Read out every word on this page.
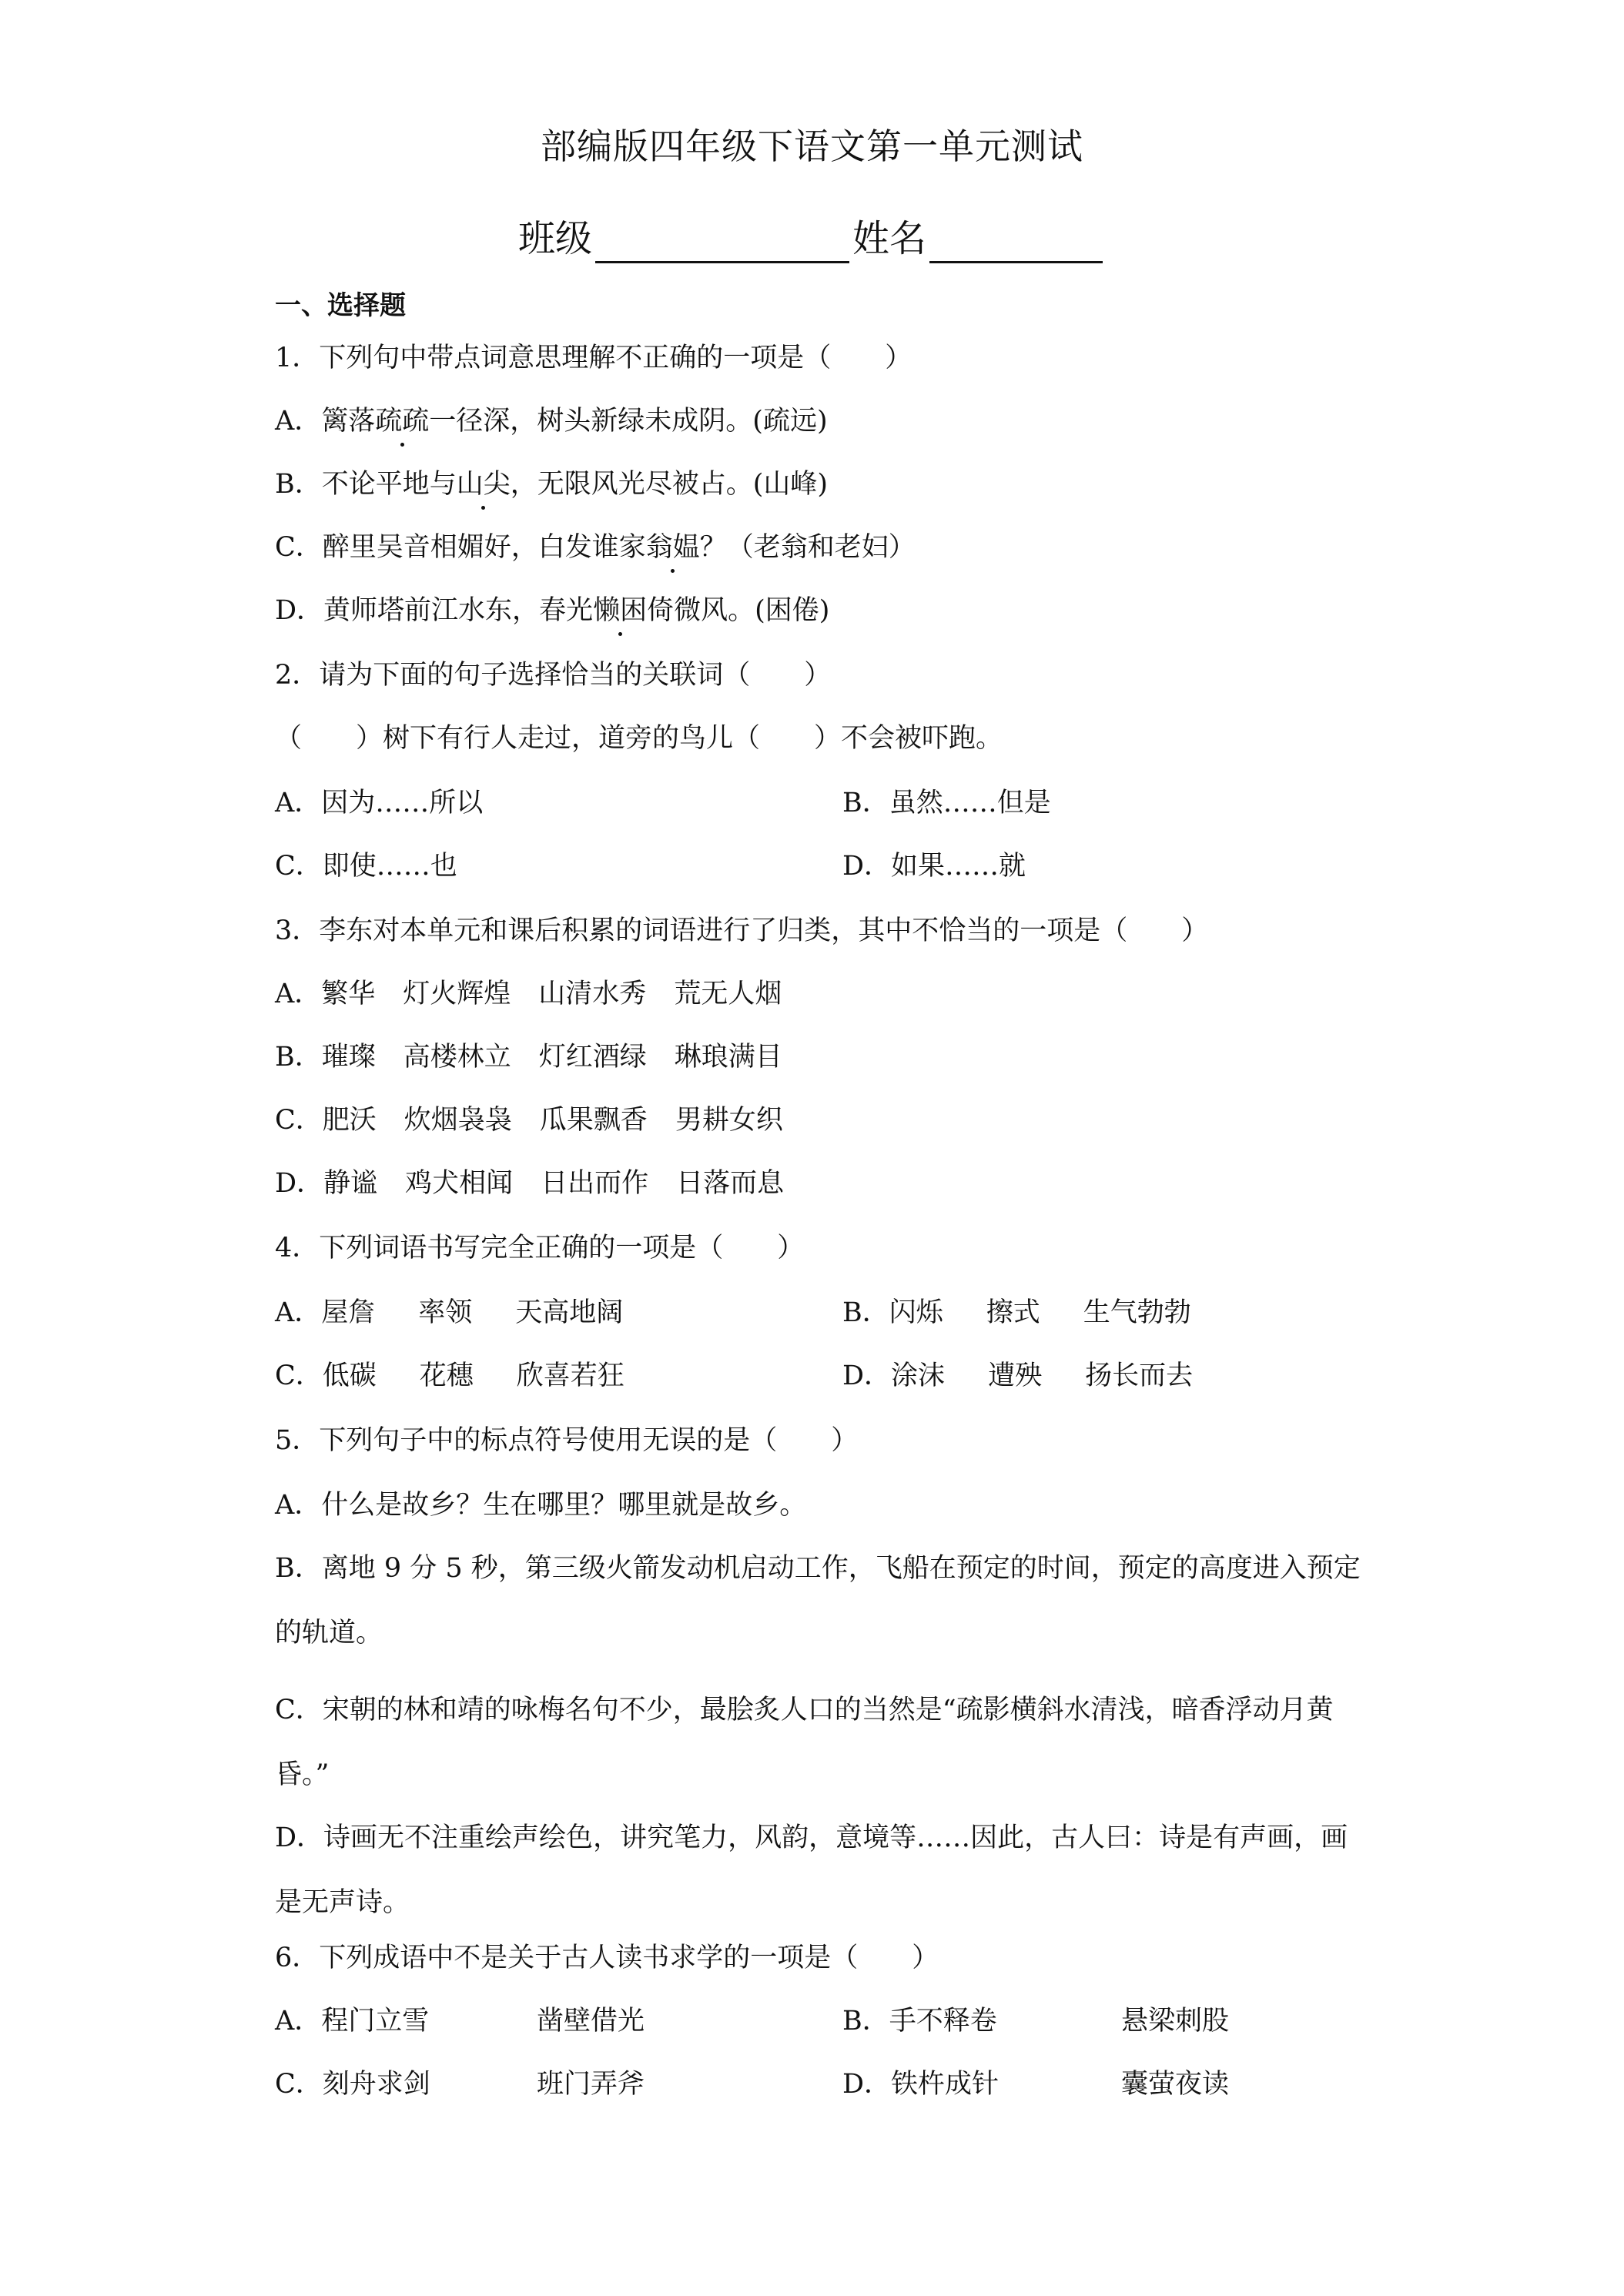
部编版四年级下语文第一单元测试
班级	姓名
一、选择题
1．下列句中带点词意思理解不正确的一项是（　　）
A．篱落疏疏一径深，树头新绿未成阴。(疏远)
B．不论平地与山尖，无限风光尽被占。(山峰)
C．醉里吴音相媚好，白发谁家翁媪？（老翁和老妇）
D．黄师塔前江水东，春光懒困倚微风。(困倦)
2．请为下面的句子选择恰当的关联词（　　）
（　　）树下有行人走过，道旁的鸟儿（　　）不会被吓跑。
A．因为……所以	B．虽然……但是
C．即使……也	D．如果……就
3．李东对本单元和课后积累的词语进行了归类，其中不恰当的一项是（　　）
A．繁华 灯火辉煌 山清水秀 荒无人烟
B．璀璨 高楼林立 灯红酒绿 琳琅满目
C．肥沃 炊烟袅袅 瓜果飘香 男耕女织
D．静谧 鸡犬相闻 日出而作 日落而息
4．下列词语书写完全正确的一项是（　　）
A．屋詹 率领 天高地阔	B．闪烁 擦式 生气勃勃
C．低碳 花穗 欣喜若狂	D．涂沫 遭殃 扬长而去
5．下列句子中的标点符号使用无误的是（　　）
A．什么是故乡？生在哪里？哪里就是故乡。
B．离地 9 分 5 秒，第三级火箭发动机启动工作，飞船在预定的时间，预定的高度进入预定的轨道。
C．宋朝的林和靖的咏梅名句不少，最脍炙人口的当然是“疏影横斜水清浅，暗香浮动月黄昏。”
D．诗画无不注重绘声绘色，讲究笔力，风韵，意境等……因此，古人曰：诗是有声画，画是无声诗。
6．下列成语中不是关于古人读书求学的一项是（　　）
A．程门立雪	凿壁借光	B．手不释卷	悬梁刺股
C．刻舟求剑	班门弄斧	D．铁杵成针	囊萤夜读
